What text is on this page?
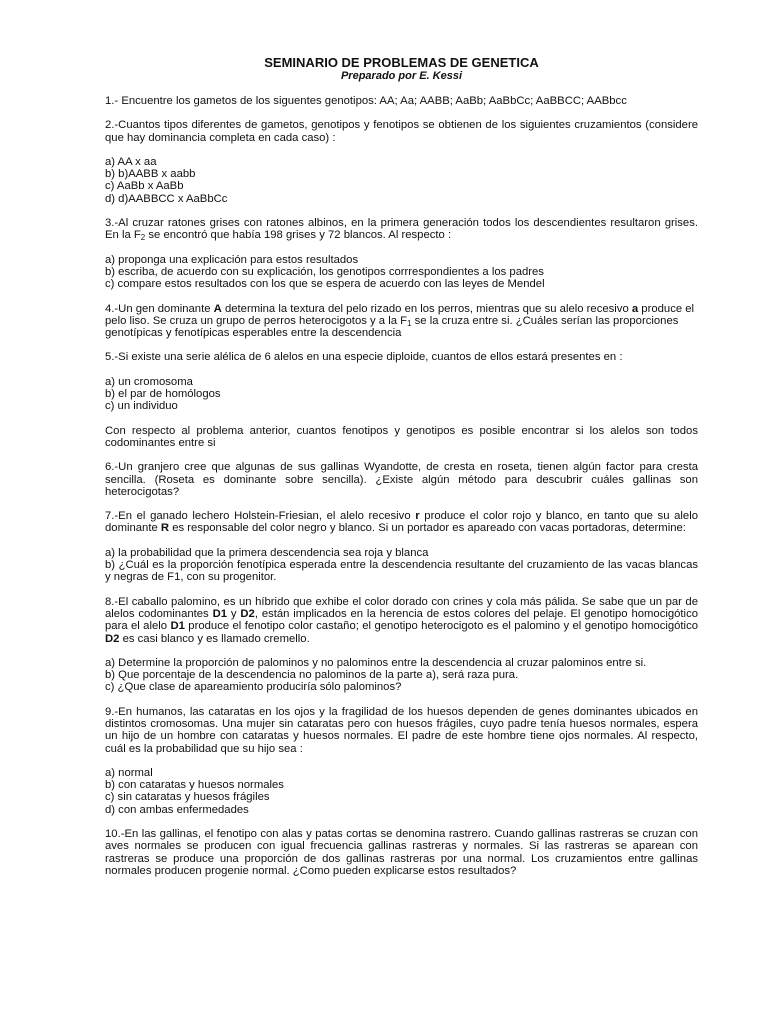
SEMINARIO DE PROBLEMAS DE GENETICA
Preparado por E. Kessi

1.- Encuentre los gametos de los siguentes genotipos: AA; Aa; AABB; AaBb; AaBbCc; AaBBCC; AABbcc

2.-Cuantos tipos diferentes de gametos, genotipos y fenotipos se obtienen de los siguientes cruzamientos (considere que hay dominancia completa en cada caso) :

a) AA x aa
b) b)AABB x aabb
c) AaBb x AaBb
d) d)AABBCC x AaBbCc

3.-Al cruzar ratones grises con ratones albinos, en la primera generación todos los descendientes resultaron grises. En la $F_2$ se encontró que había 198 grises y 72 blancos. Al respecto :

a) proponga una explicación para estos resultados
b) escriba, de acuerdo con su explicación, los genotipos corrrespondientes a los padres
c) compare estos resultados con los que se espera de acuerdo con las leyes de Mendel

4.-Un gen dominante A determina la textura del pelo rizado en los perros, mientras que su alelo recesivo a produce el pelo liso. Se cruza un grupo de perros heterocigotos y a la $F_1$ se la cruza entre si. ¿Cuáles serían las proporciones genotípicas y fenotípicas esperables entre la descendencia

5.-Si existe una serie alélica de 6 alelos en una especie diploide, cuantos de ellos estará presentes en :

a) un cromosoma
b) el par de homólogos
c) un individuo

Con respecto al problema anterior, cuantos fenotipos y genotipos es posible encontrar si los alelos son todos codominantes entre si

6.-Un granjero cree que algunas de sus gallinas Wyandotte, de cresta en roseta, tienen algún factor para cresta sencilla. (Roseta es dominante sobre sencilla). ¿Existe algún método para descubrir cuáles gallinas son heterocigotas?

7.-En el ganado lechero Holstein-Friesian, el alelo recesivo r produce el color rojo y blanco, en tanto que su alelo dominante R es responsable del color negro y blanco. Si un portador es apareado con vacas portadoras, determine:

a) la probabilidad que la primera descendencia sea roja y blanca
b) ¿Cuál es la proporción fenotípica esperada entre la descendencia resultante del cruzamiento de las vacas blancas y negras de F1, con su progenitor.

8.-El caballo palomino, es un híbrido que exhibe el color dorado con crines y cola más pálida. Se sabe que un par de alelos codominantes D1 y D2, están implicados en la herencia de estos colores del pelaje. El genotipo homocigótico para el alelo D1 produce el fenotipo color castaño; el genotipo heterocigoto es el palomino y el genotipo homocigótico D2 es casi blanco y es llamado cremello.

a) Determine la proporción de palominos y no palominos entre la descendencia al cruzar palominos entre si.
b) Que porcentaje de la descendencia no palominos de la parte a), será raza pura.
c) ¿Que clase de apareamiento produciría sólo palominos?

9.-En humanos, las cataratas en los ojos y la fragilidad de los huesos dependen de genes dominantes ubicados en distintos cromosomas. Una mujer sin cataratas pero con huesos frágiles, cuyo padre tenía huesos normales, espera un hijo de un hombre con cataratas y huesos normales. El padre de este hombre tiene ojos normales. Al respecto, cuál es la probabilidad que su hijo sea :

a) normal
b) con cataratas y huesos normales
c) sin cataratas y huesos frágiles
d) con ambas enfermedades

10.-En las gallinas, el fenotipo con alas y patas cortas se denomina rastrero. Cuando gallinas rastreras se cruzan con aves normales se producen con igual frecuencia gallinas rastreras y normales. Si las rastreras se aparean con rastreras se produce una proporción de dos gallinas rastreras por una normal. Los cruzamientos entre gallinas normales producen progenie normal. ¿Como pueden explicarse estos resultados?
